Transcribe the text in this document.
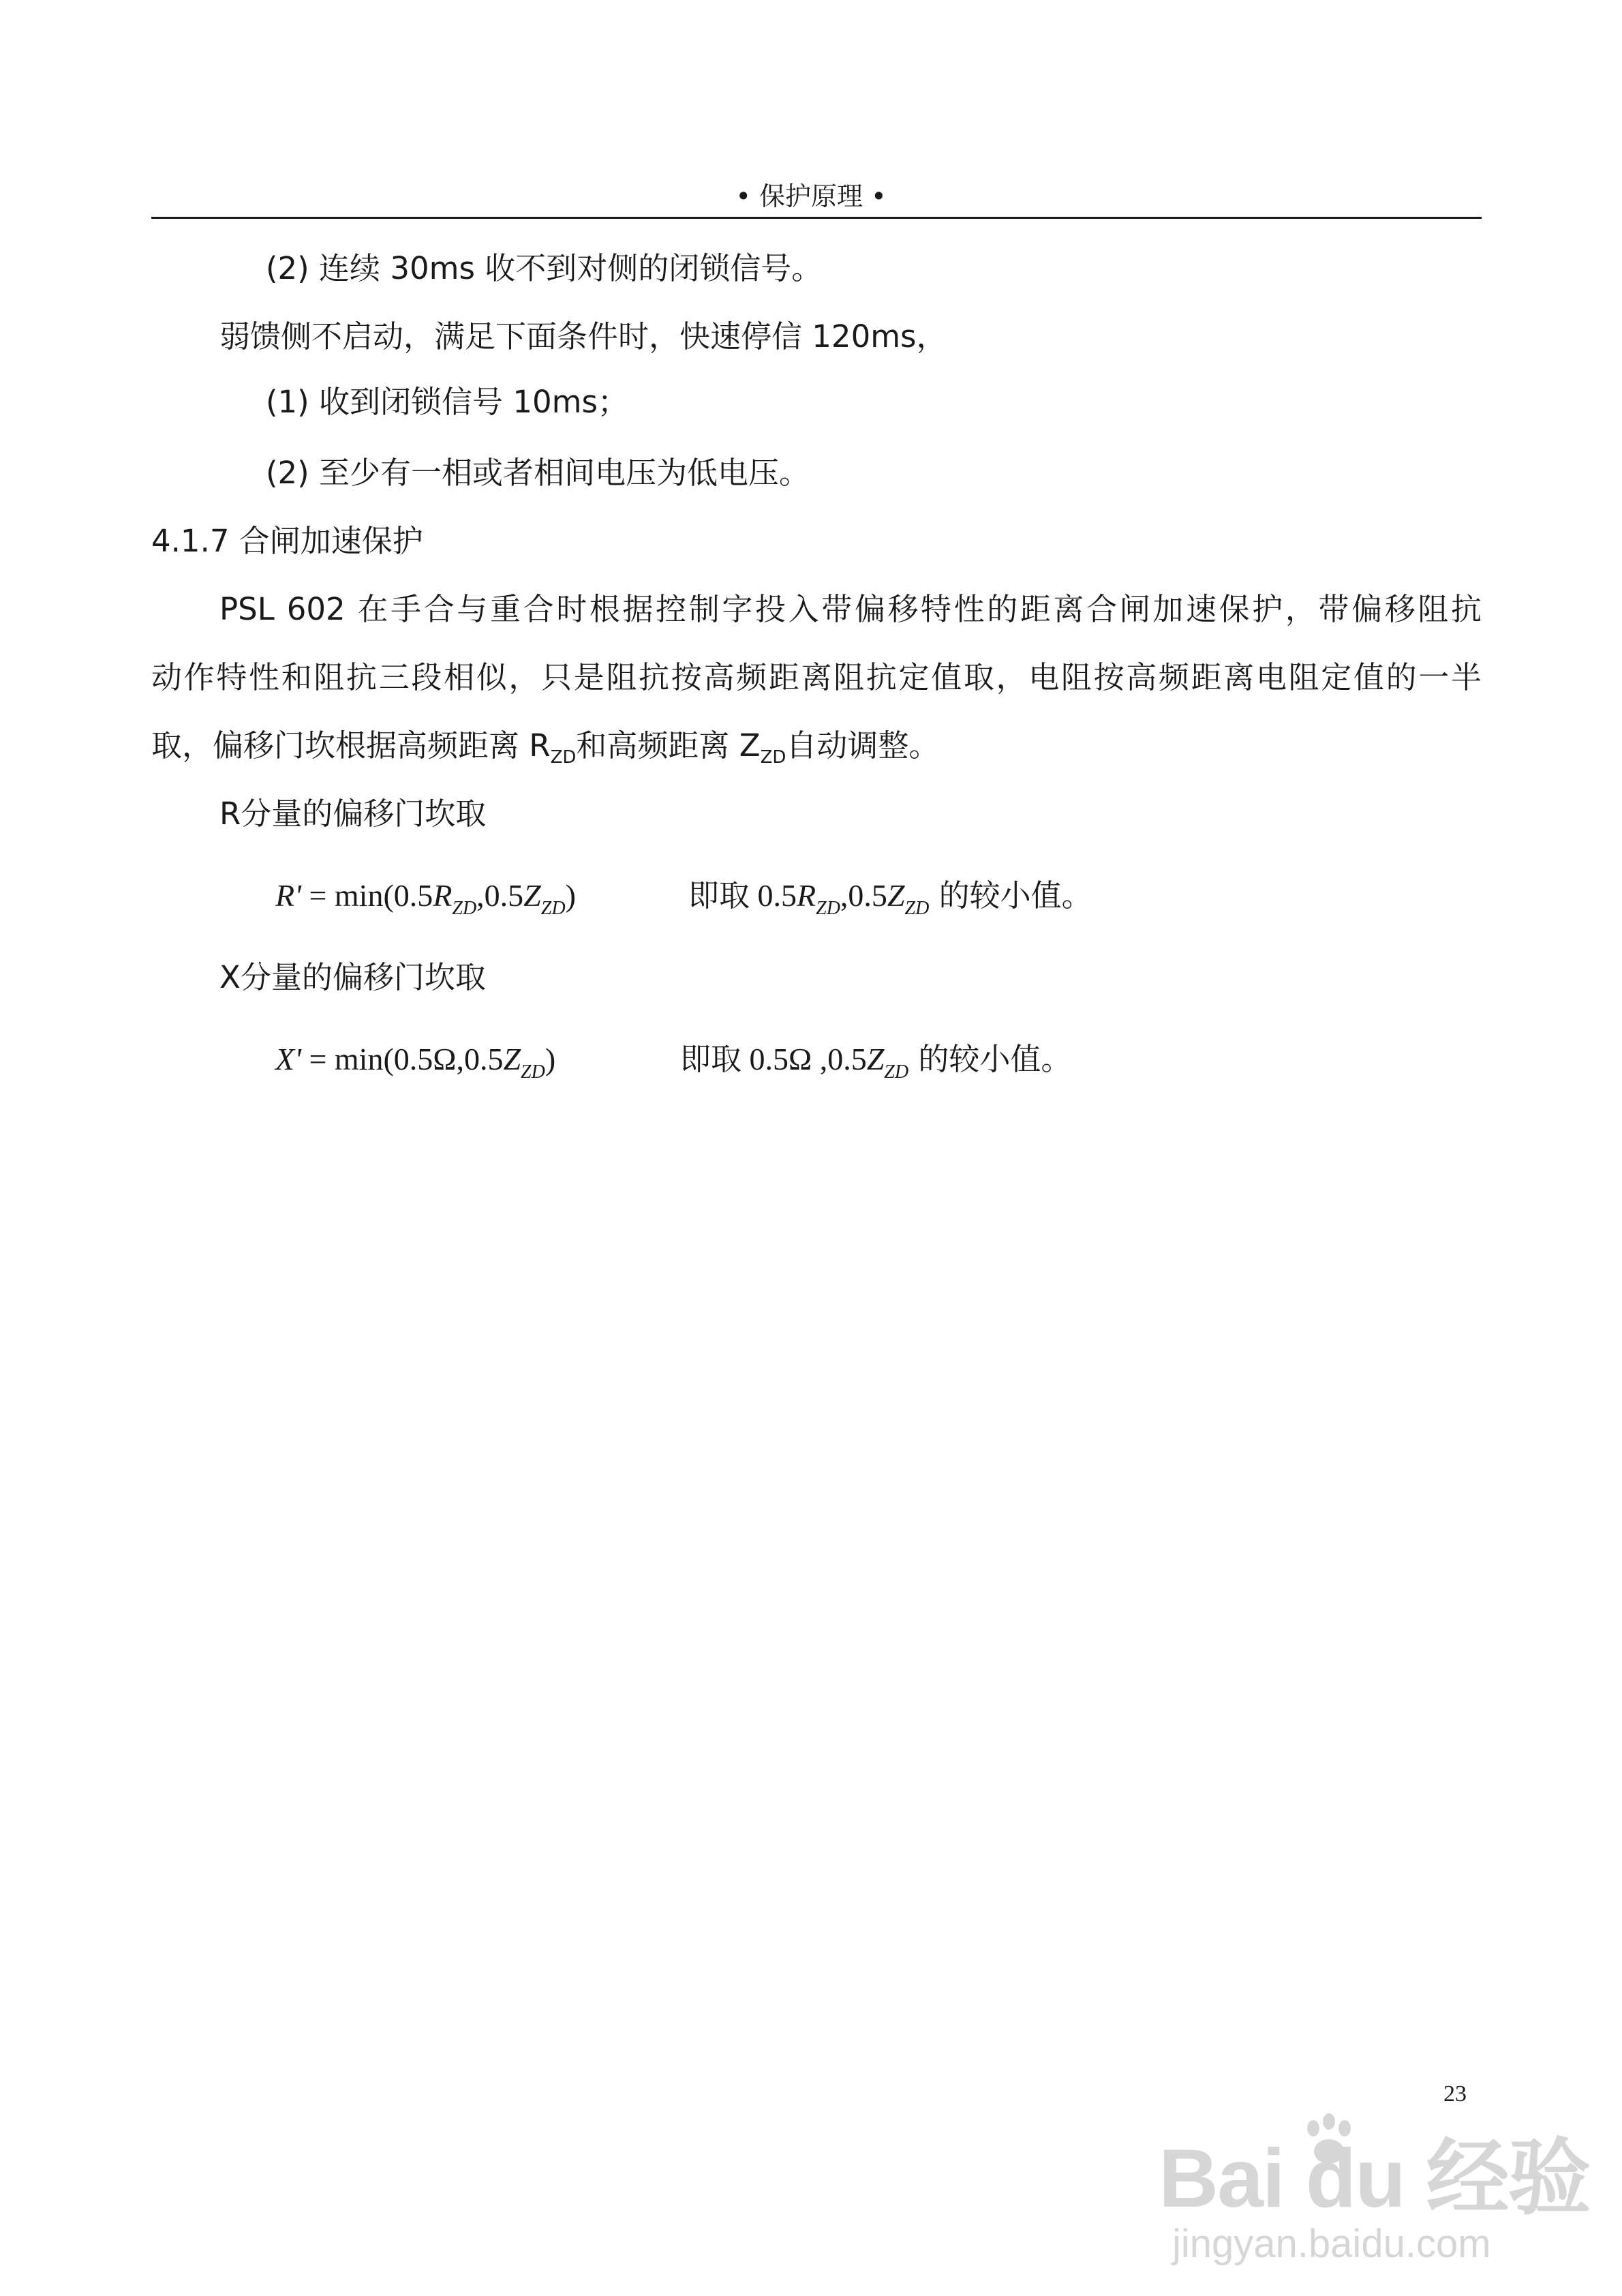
• 保护原理 •
(2) 连续 30ms 收不到对侧的闭锁信号。
弱馈侧不启动，满足下面条件时，快速停信 120ms，
(1) 收到闭锁信号 10ms；
(2) 至少有一相或者相间电压为低电压。
4.1.7 合闸加速保护
PSL 602 在手合与重合时根据控制字投入带偏移特性的距离合闸加速保护，带偏移阻抗
动作特性和阻抗三段相似，只是阻抗按高频距离阻抗定值取，电阻按高频距离电阻定值的一半
取，偏移门坎根据高频距离 $R_{ZD}$和高频距离 $Z_{ZD}$自动调整。
R分量的偏移门坎取
$R' = \min(0.5R_{ZD},0.5Z_{ZD})$	即取 $0.5R_{ZD},0.5Z_{ZD}$ 的较小值。
X分量的偏移门坎取
$X' = \min(0.5\Omega,0.5Z_{ZD})$	即取 0.5Ω $,0.5Z_{ZD}$ 的较小值。
23
Bai du 经验
jingyan.baidu.com
